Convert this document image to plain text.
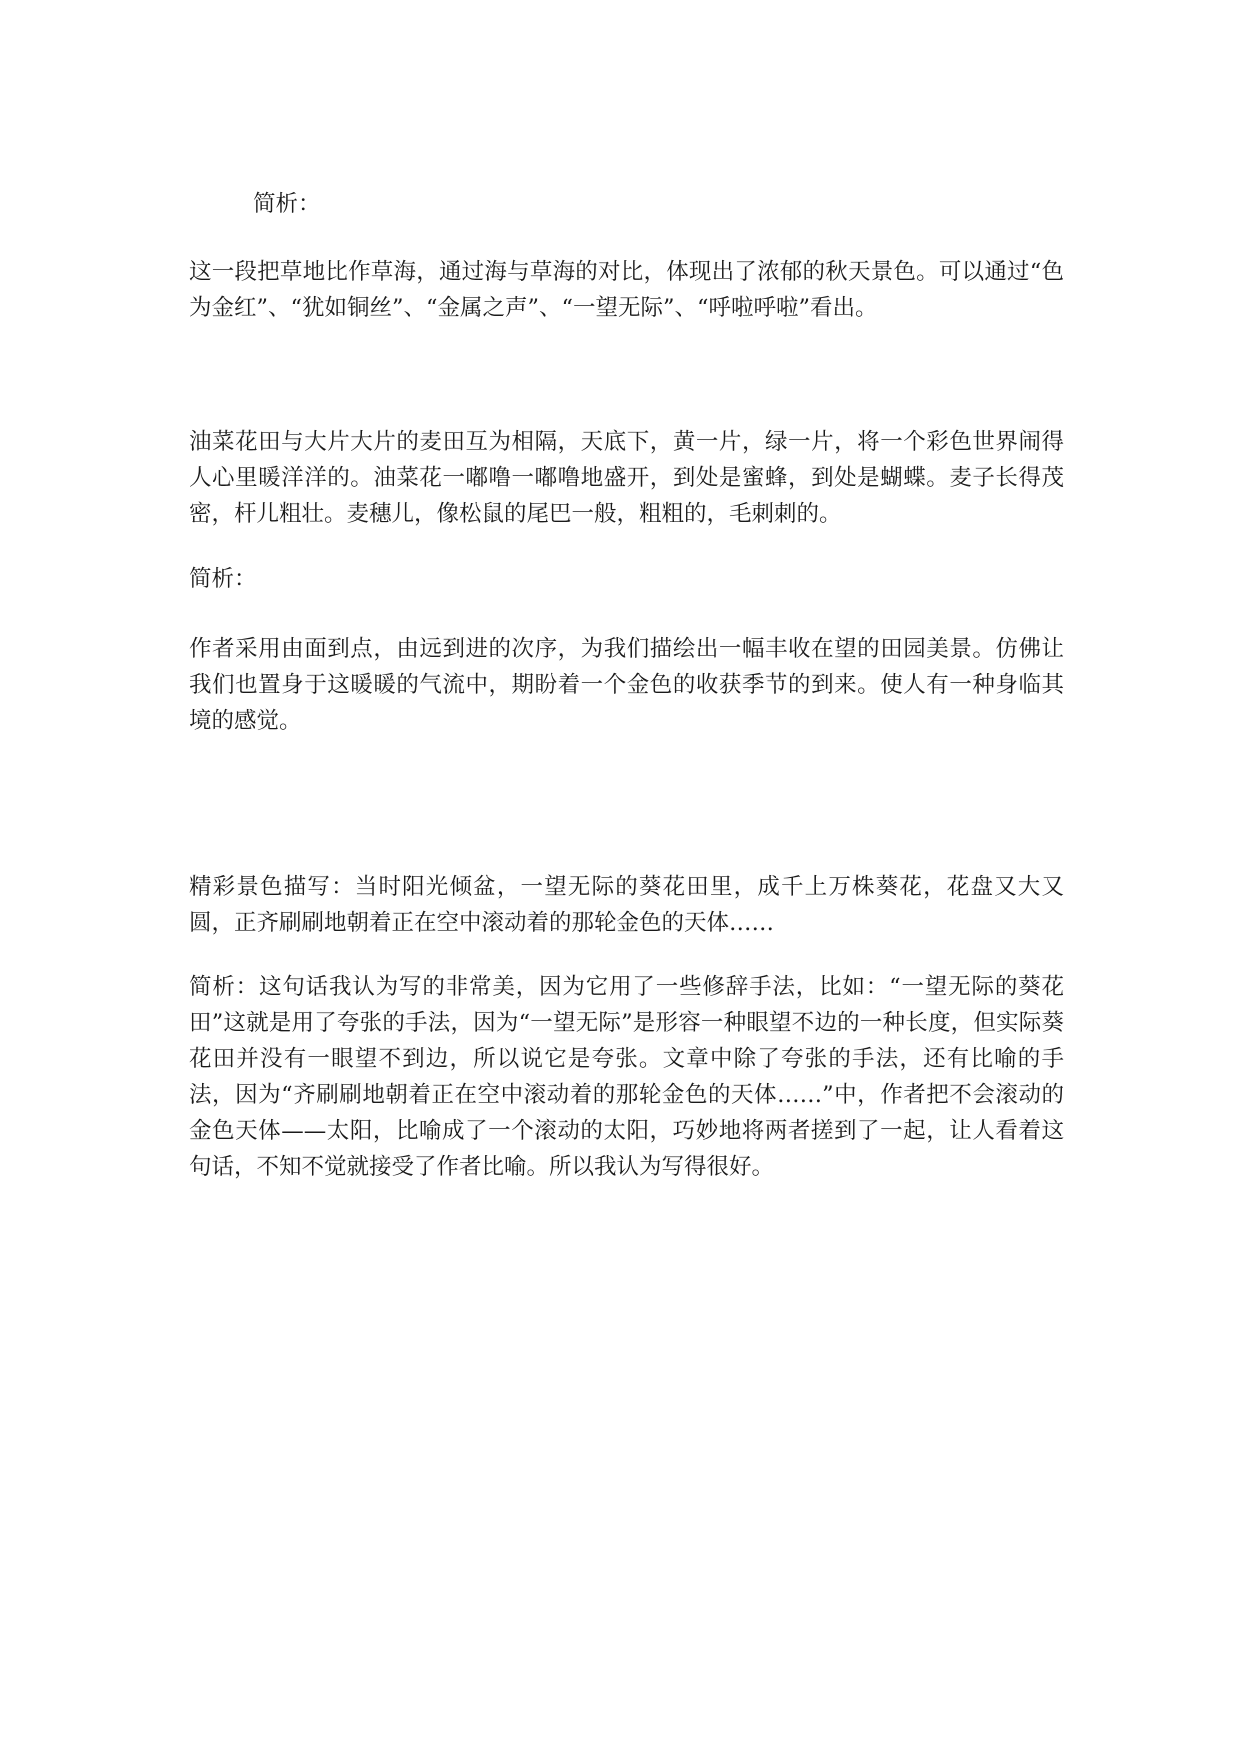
简析：

这一段把草地比作草海，通过海与草海的对比，体现出了浓郁的秋天景色。可以通过“色为金红”、“犹如铜丝”、“金属之声”、“一望无际”、“呼啦呼啦”看出。

油菜花田与大片大片的麦田互为相隔，天底下，黄一片，绿一片，将一个彩色世界闹得人心里暖洋洋的。油菜花一嘟噜一嘟噜地盛开，到处是蜜蜂，到处是蝴蝶。麦子长得茂密，杆儿粗壮。麦穗儿，像松鼠的尾巴一般，粗粗的，毛刺刺的。

简析：

作者采用由面到点，由远到进的次序，为我们描绘出一幅丰收在望的田园美景。仿佛让我们也置身于这暖暖的气流中，期盼着一个金色的收获季节的到来。使人有一种身临其境的感觉。

精彩景色描写：当时阳光倾盆，一望无际的葵花田里，成千上万株葵花，花盘又大又圆，正齐刷刷地朝着正在空中滚动着的那轮金色的天体……

简析：这句话我认为写的非常美，因为它用了一些修辞手法，比如：“一望无际的葵花田”这就是用了夸张的手法，因为“一望无际”是形容一种眼望不边的一种长度，但实际葵花田并没有一眼望不到边，所以说它是夸张。文章中除了夸张的手法，还有比喻的手法，因为“齐刷刷地朝着正在空中滚动着的那轮金色的天体……”中，作者把不会滚动的金色天体——太阳，比喻成了一个滚动的太阳，巧妙地将两者搓到了一起，让人看着这句话，不知不觉就接受了作者比喻。所以我认为写得很好。
